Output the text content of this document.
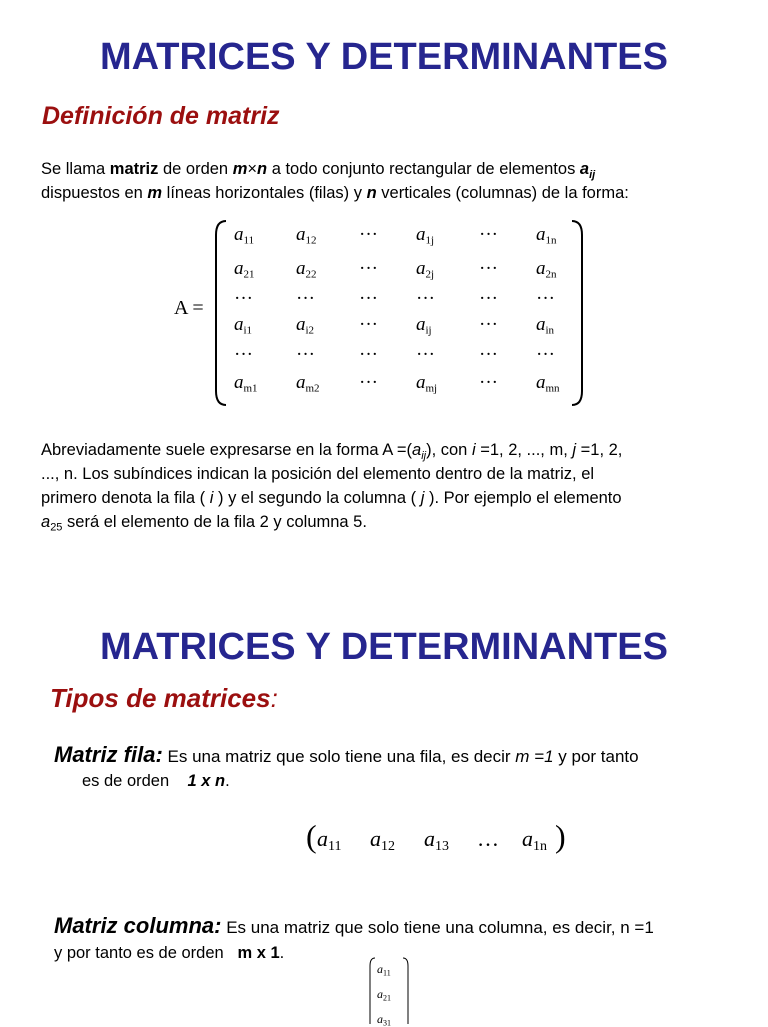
MATRICES Y DETERMINANTES
Definición de matriz
Se llama matriz de orden m×n a todo conjunto rectangular de elementos $a_{ij}$
dispuestos en m líneas horizontales (filas) y n verticales (columnas) de la forma:
A =
$a_{11}$ $a_{12}$ ··· $a_{1j}$ ··· $a_{1n}$
$a_{21}$ $a_{22}$ ··· $a_{2j}$ ··· $a_{2n}$
··· ··· ··· ··· ··· ···
$a_{i1}$ $a_{i2}$ ··· $a_{ij}$ ··· $a_{in}$
··· ··· ··· ··· ··· ···
$a_{m1}$ $a_{m2}$ ··· $a_{mj}$ ··· $a_{mn}$
Abreviadamente suele expresarse en la forma $A =(a_{ij})$, con i =1, 2, ..., m, j =1, 2,
..., n. Los subíndices indican la posición del elemento dentro de la matriz, el
primero denota la fila ( i ) y el segundo la columna ( j ). Por ejemplo el elemento
$a_{25}$ será el elemento de la fila 2 y columna 5.
MATRICES Y DETERMINANTES
Tipos de matrices:
Matriz fila: Es una matriz que solo tiene una fila, es decir m =1 y por tanto
es de orden    1 x n.
(	)
$a_{11}$ $a_{12}$ $a_{13}$ … $a_{1n}$
Matriz columna: Es una matriz que solo tiene una columna, es decir, n =1
y por tanto es de orden   m x 1.
$a_{11}$
$a_{21}$
$a_{31}$
